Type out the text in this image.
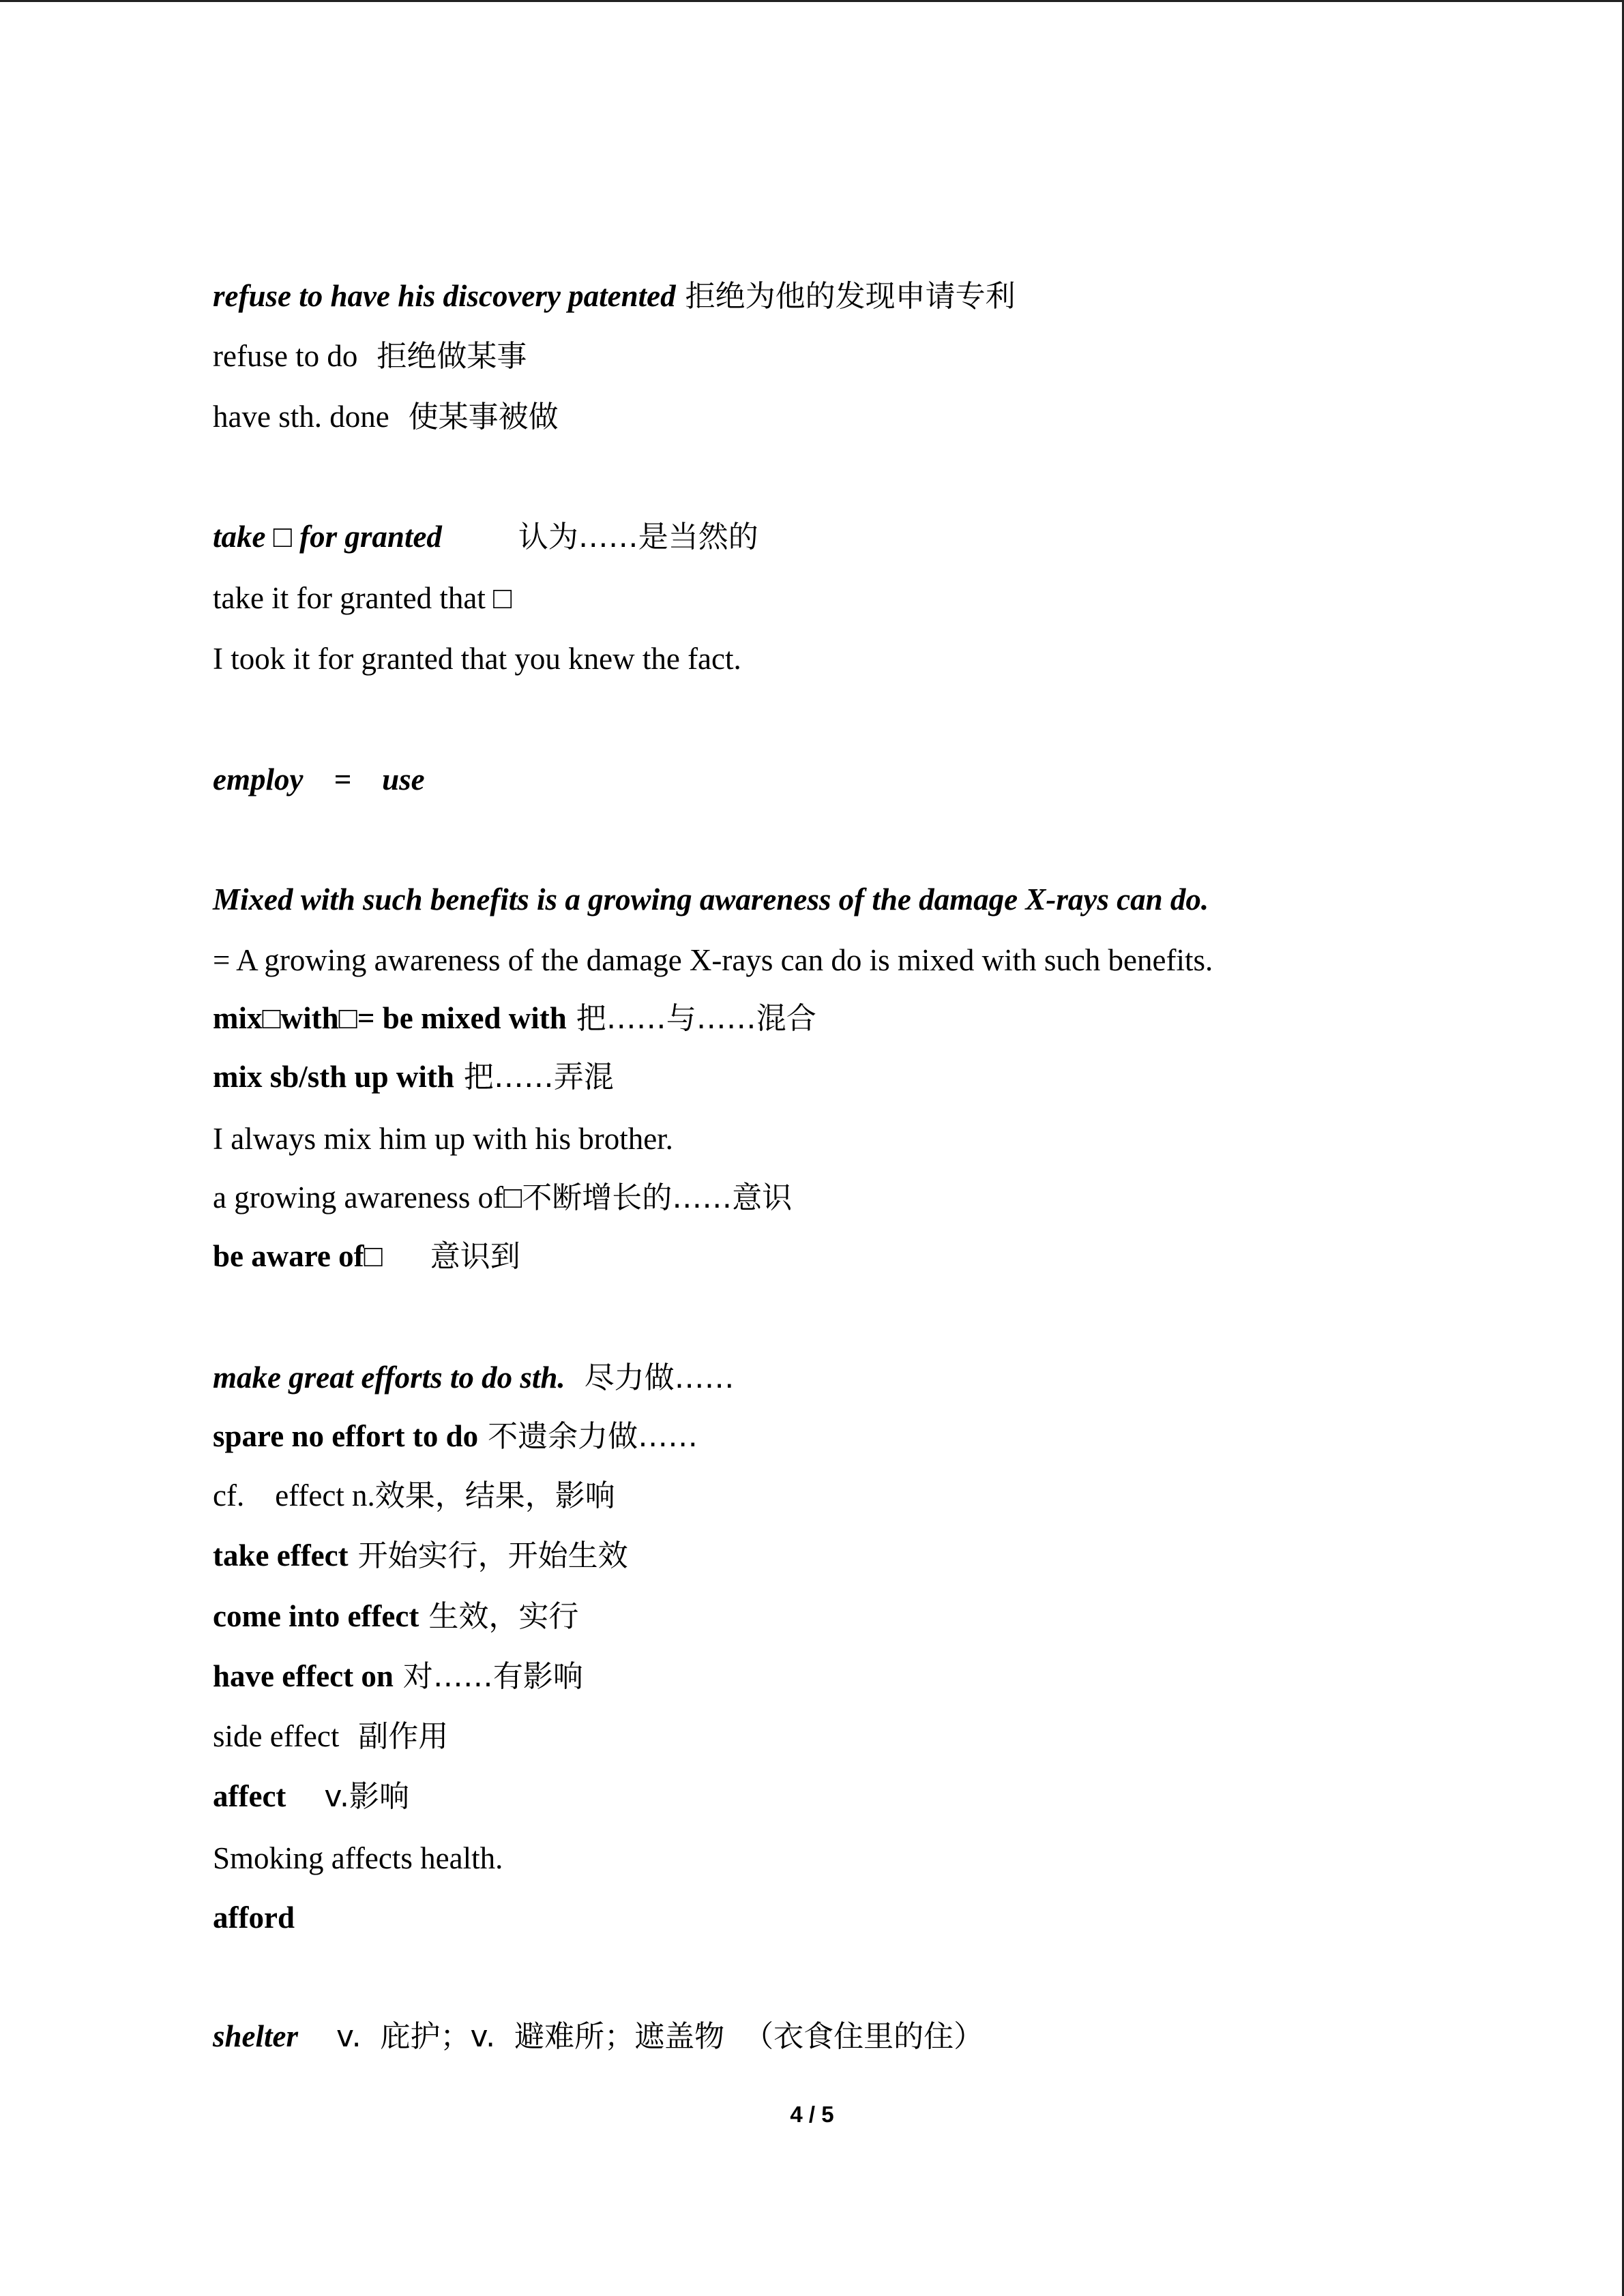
refuse to have his discovery patented 拒绝为他的发现申请专利
refuse to do  拒绝做某事
have sth. done  使某事被做
take □ for granted        认为……是当然的
take it for granted that □
I took it for granted that you knew the fact.
employ    =    use
Mixed with such benefits is a growing awareness of the damage X-rays can do.
= A growing awareness of the damage X-rays can do is mixed with such benefits.
mix□with□= be mixed with 把……与……混合
mix sb/sth up with 把……弄混
I always mix him up with his brother.
a growing awareness of□不断增长的……意识
be aware of□     意识到
make great efforts to do sth.  尽力做……
spare no effort to do 不遗余力做……
cf.    effect n.效果，结果，影响
take effect 开始实行，开始生效
come into effect 生效，实行
have effect on 对……有影响
side effect  副作用
affect    v.影响
Smoking affects health.
afford
shelter    v.  庇护；v.  避难所；遮盖物  （衣食住里的住）
4 / 5
